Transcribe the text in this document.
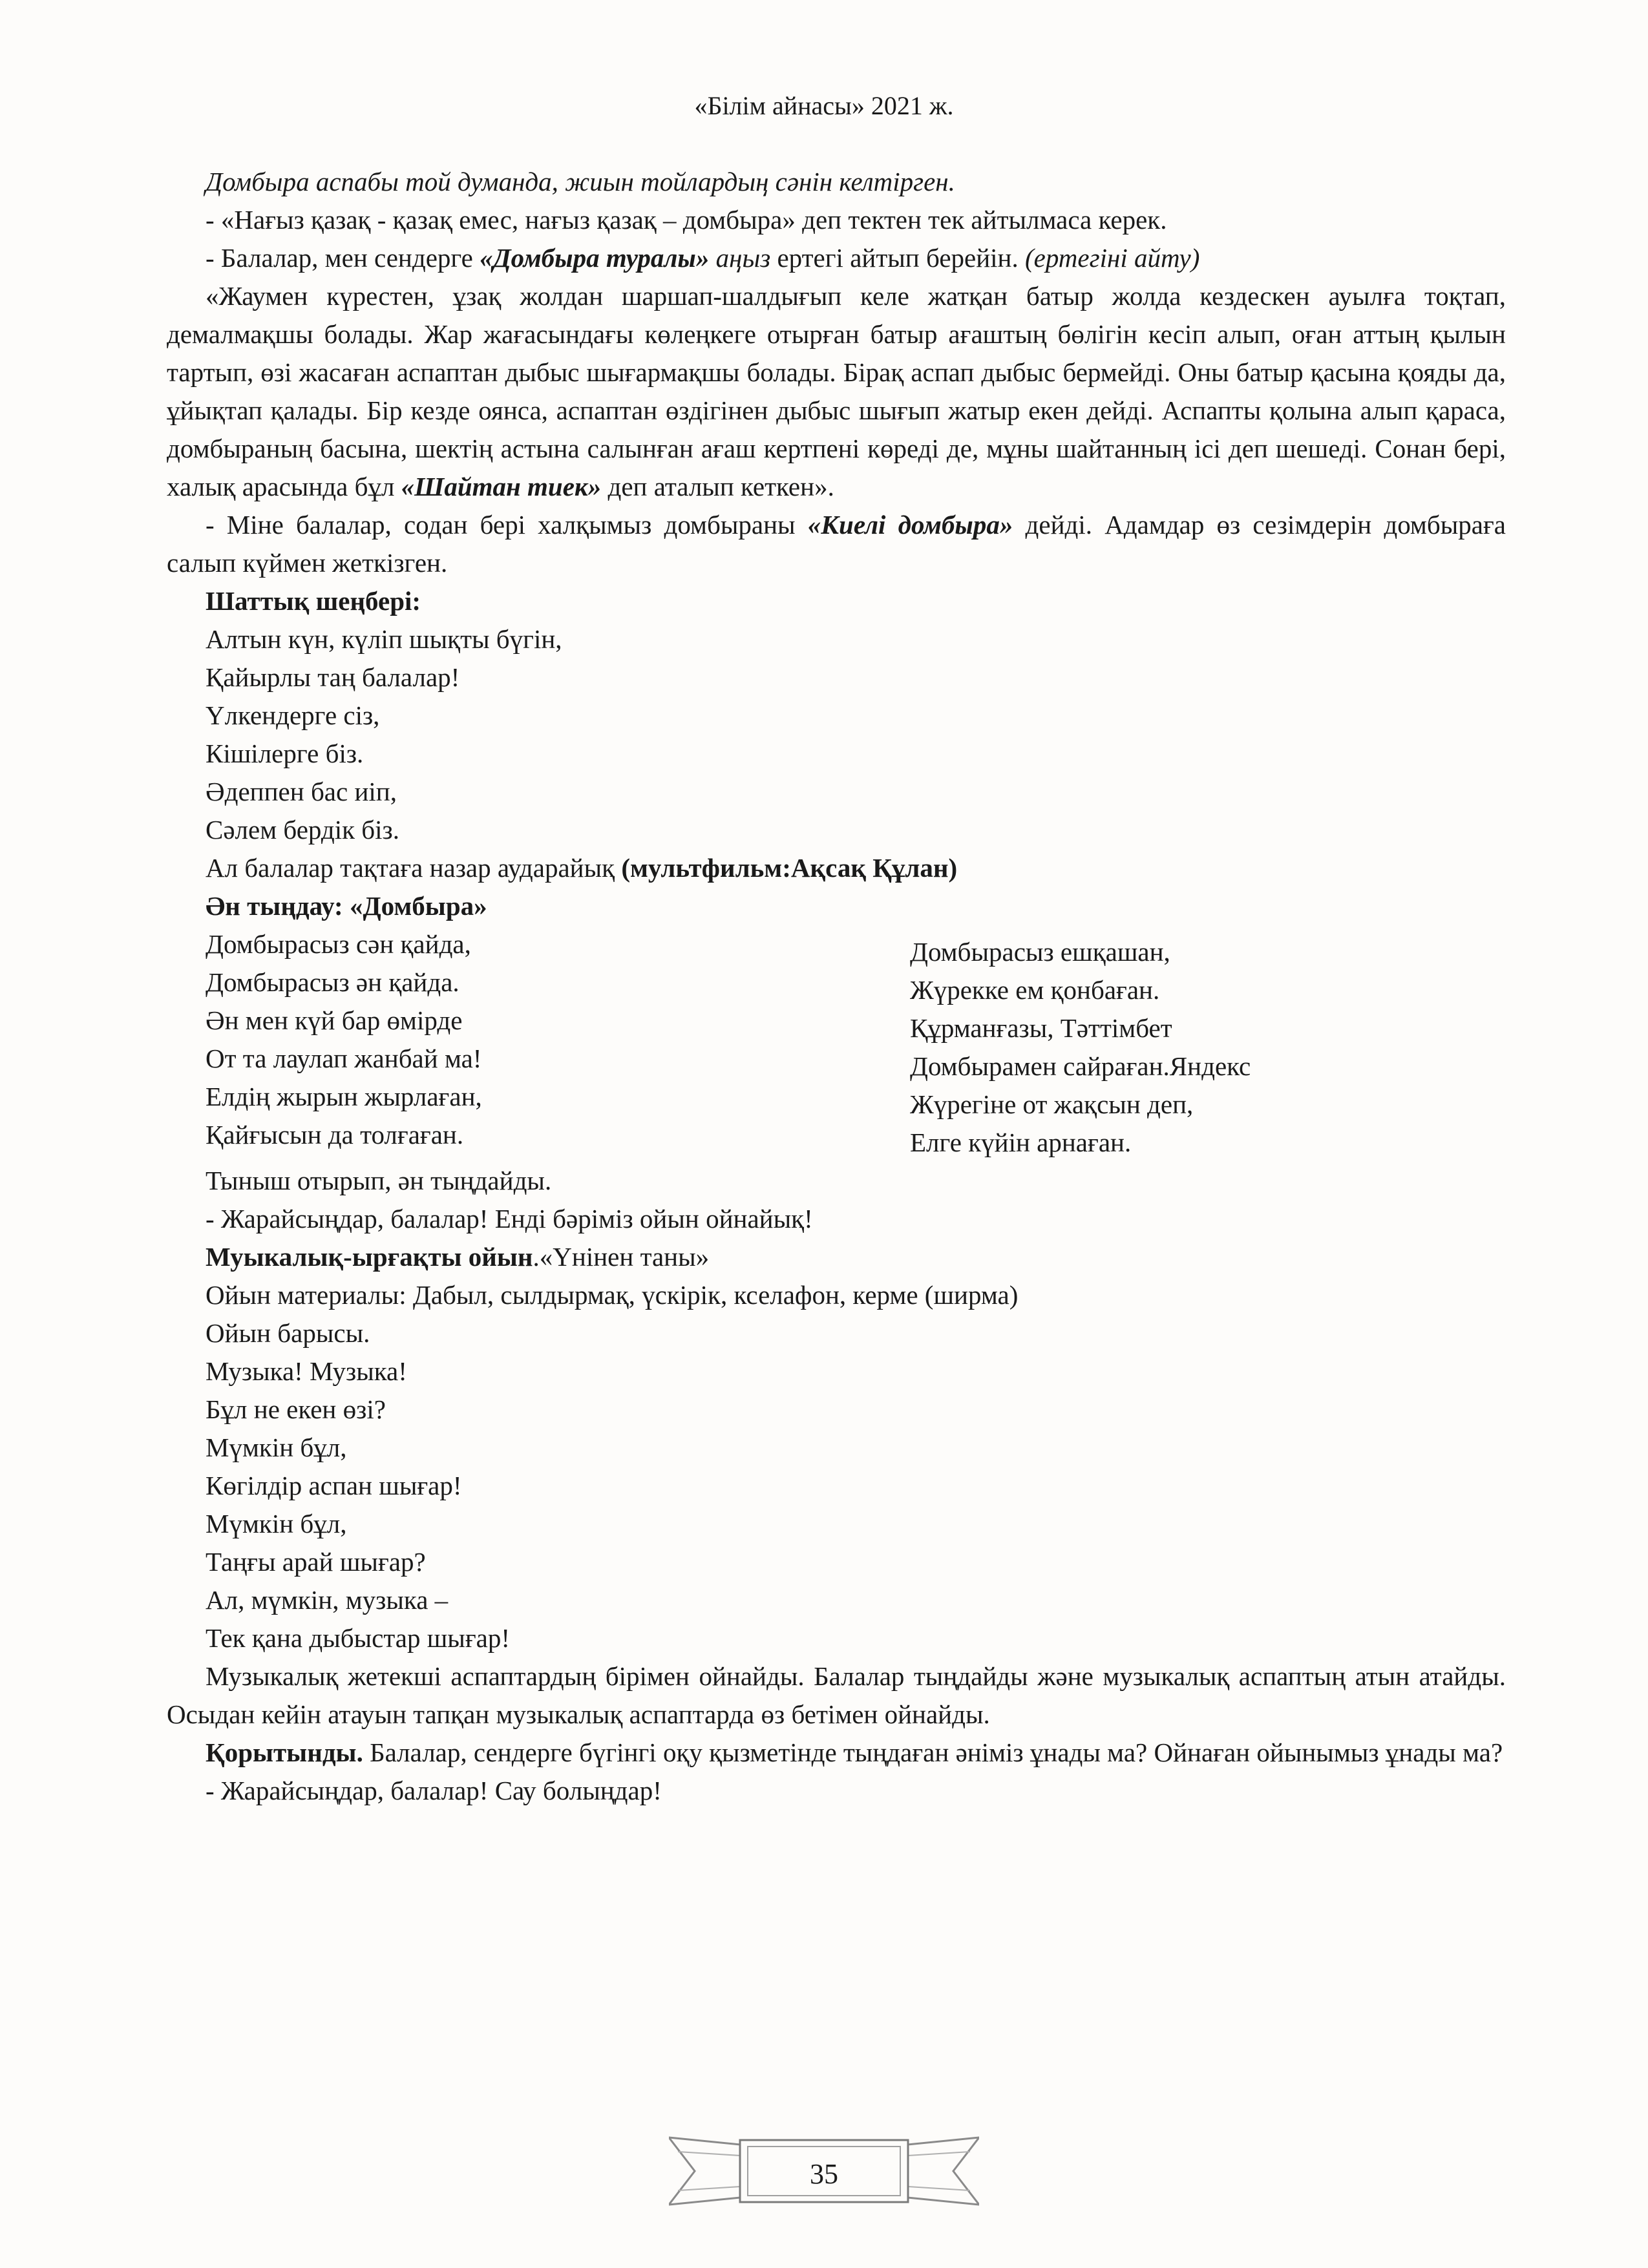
«Білім айнасы» 2021 ж.

Домбыра аспабы той думанда, жиын тойлардың сәнін келтірген.

- «Нағыз қазақ - қазақ емес, нағыз қазақ – домбыра» деп тектен тек айтылмаса керек.

- Балалар, мен сендерге «Домбыра туралы» аңыз ертегі айтып берейін. (ертегіні айту)

«Жаумен күрестен, ұзақ жолдан шаршап-шалдығып келе жатқан батыр жолда кездескен ауылға тоқтап, демалмақшы болады. Жар жағасындағы көлеңкеге отырған батыр ағаштың бөлігін кесіп алып, оған аттың қылын тартып, өзі жасаған аспаптан дыбыс шығармақшы болады. Бірақ аспап дыбыс бермейді. Оны батыр қасына қояды да, ұйықтап қалады. Бір кезде оянса, аспаптан өздігінен дыбыс шығып жатыр екен дейді. Аспапты қолына алып қараса, домбыраның басына, шектің астына салынған ағаш кертпені көреді де, мұны шайтанның ісі деп шешеді. Сонан бері, халық арасында бұл «Шайтан тиек» деп аталып кеткен».

- Міне балалар, содан бері халқымыз домбыраны «Киелі домбыра» дейді. Адамдар өз сезімдерін домбыраға салып күймен жеткізген.

Шаттық шеңбері:

Алтын күн, күліп шықты бүгін,
Қайырлы таң балалар!
Үлкендерге сіз,
Кішілерге біз.
Әдеппен бас иіп,
Сәлем бердік біз.

Ал балалар тақтаға назар аударайық (мультфильм:Ақсақ Құлан)

Ән тыңдау: «Домбыра»

Домбырасыз сән қайда,
Домбырасыз ән қайда.
Ән мен күй бар өмірде
От та лаулап жанбай ма!
Елдің жырын жырлаған,
Қайғысын да толғаған.
Домбырасыз ешқашан,
Жүрекке ем қонбаған.
Құрманғазы, Тәттімбет
Домбырамен сайраған.Яндекс
Жүрегіне от жақсын деп,
Елге күйін арнаған.

Тыныш отырып, ән тыңдайды.

- Жарайсыңдар, балалар! Енді бәріміз ойын ойнайық!

Муыкалық-ырғақты ойын.«Үнінен таны»

Ойын материалы: Дабыл, сылдырмақ, үскірік, кселафон, керме (ширма)

Ойын барысы.

Музыка! Музыка!
Бұл не екен өзі?
Мүмкін бұл,
Көгілдір аспан шығар!
Мүмкін бұл,
Таңғы арай шығар?
Ал, мүмкін, музыка –
Тек қана дыбыстар шығар!

Музыкалық жетекші аспаптардың бірімен ойнайды. Балалар тыңдайды және музыкалық аспаптың атын атайды. Осыдан кейін атауын тапқан музыкалық аспаптарда өз бетімен ойнайды.

Қорытынды. Балалар, сендерге бүгінгі оқу қызметінде тыңдаған әніміз ұнады ма? Ойнаған ойынымыз ұнады ма?

- Жарайсыңдар, балалар! Сау болыңдар!

35
